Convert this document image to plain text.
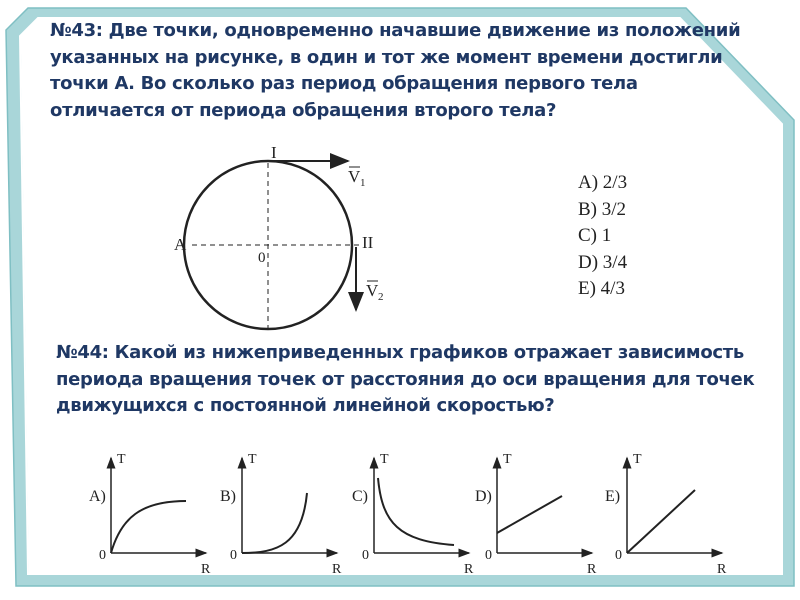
№43: Две точки, одновременно начавшие движение из положений указанных на рисунке, в один и тот же момент времени достигли точки А. Во сколько раз период обращения первого тела отличается от периода обращения второго тела?
I
II
A
0
V 1
V 2
A) 2/3
B) 3/2
C) 1
D) 3/4
E) 4/3
№44: Какой из нижеприведенных графиков отражает зависимость периода вращения точек от расстояния до оси вращения для точек движущихся с постоянной линейной скоростью?
T
R
0
A)
T
R
0
B)
T
R
0
C)
T
R
0
D)
T
R
0
E)
